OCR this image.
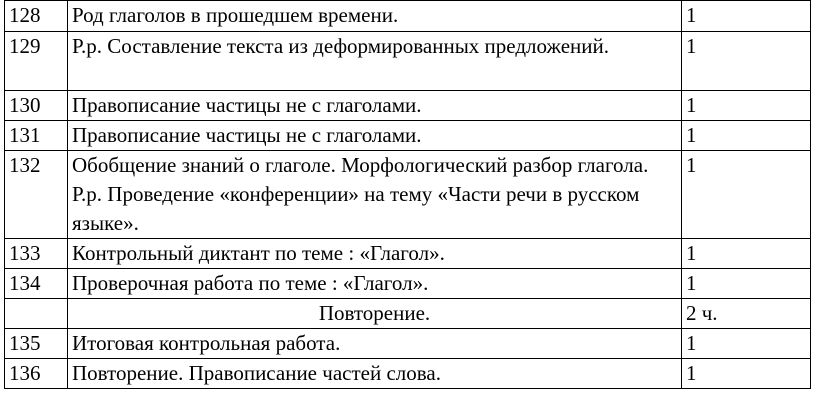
128	Род глаголов в прошедшем времени.	1
129	Р.р. Составление текста из деформированных предложений.	1
130	Правописание частицы не с глаголами.	1
131	Правописание частицы не с глаголами.	1
132	Обобщение знаний о глаголе. Морфологический разбор глагола. Р.р. Проведение «конференции» на тему «Части речи в русском языке».	1
133	Контрольный диктант по теме : «Глагол».	1
134	Проверочная работа по теме : «Глагол».	1
	Повторение.	2 ч.
135	Итоговая контрольная работа.	1
136	Повторение. Правописание частей слова.	1
